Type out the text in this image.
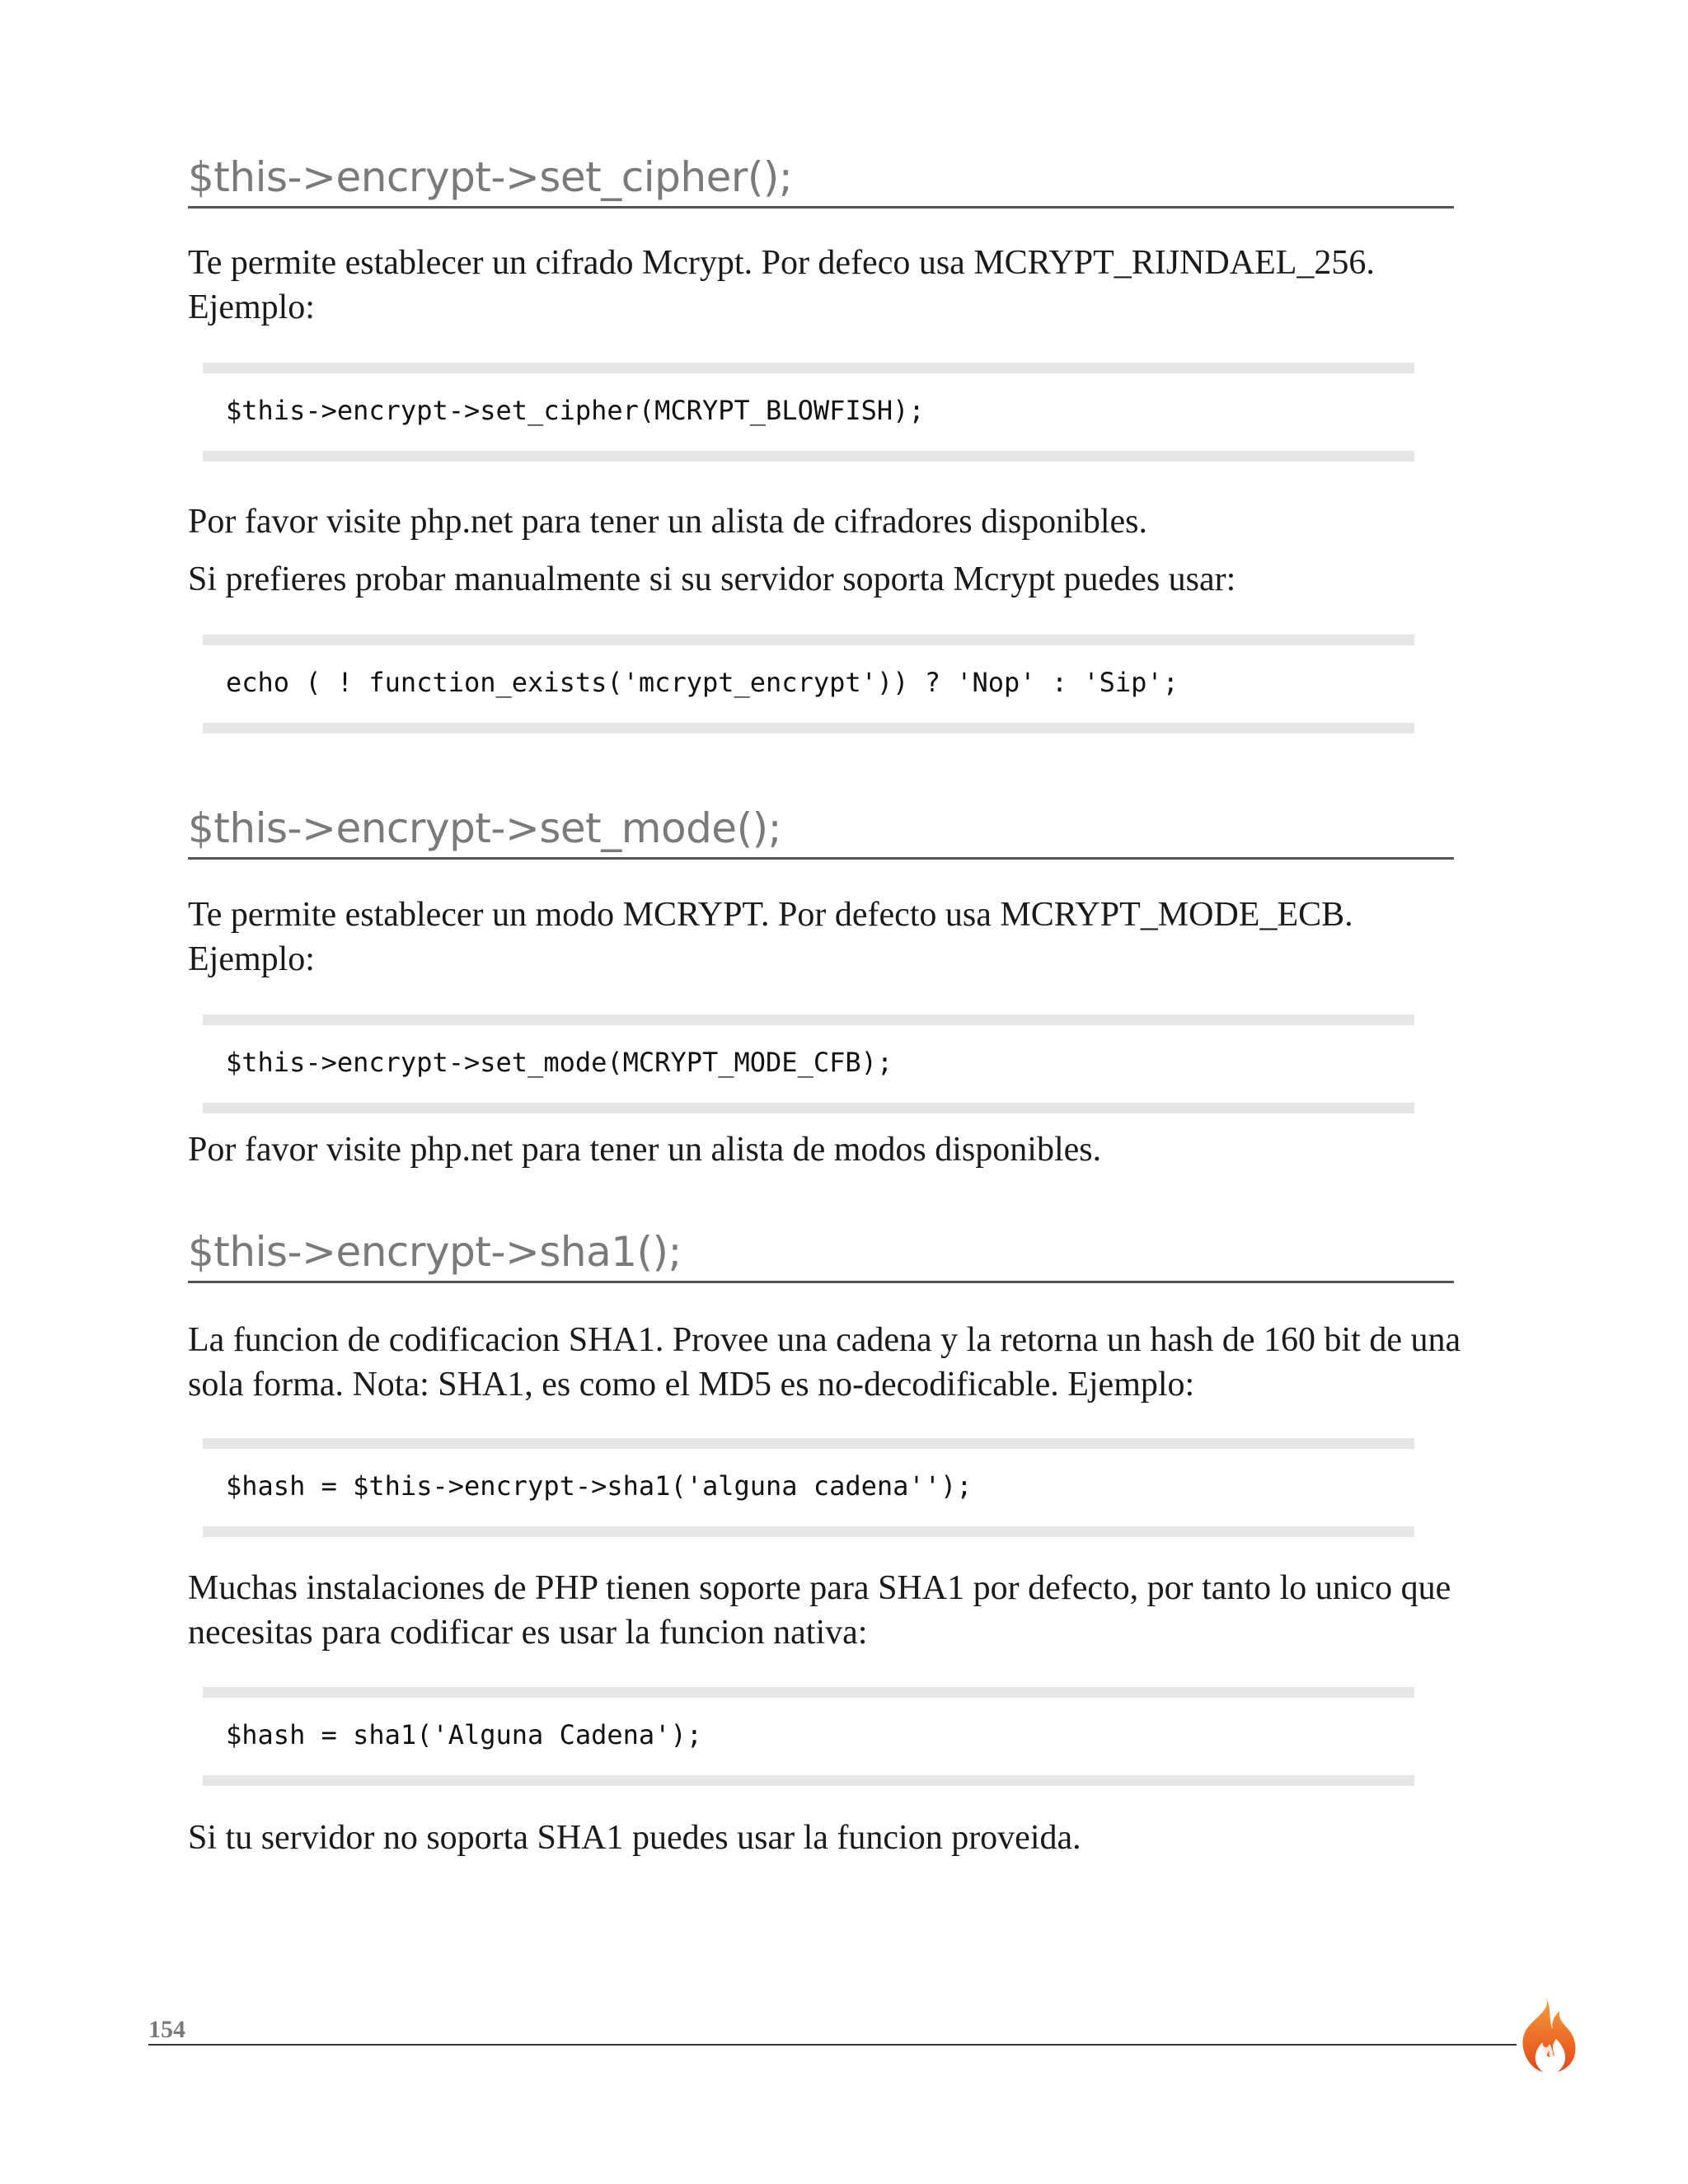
$this->encrypt->set_cipher();

Te permite establecer un cifrado Mcrypt. Por defeco usa MCRYPT_RIJNDAEL_256. Ejemplo:

$this->encrypt->set_cipher(MCRYPT_BLOWFISH);

Por favor visite php.net para tener un alista de cifradores disponibles.

Si prefieres probar manualmente si su servidor soporta Mcrypt puedes usar:

echo ( ! function_exists('mcrypt_encrypt')) ? 'Nop' : 'Sip';
$this->encrypt->set_mode();

Te permite establecer un modo MCRYPT. Por defecto usa MCRYPT_MODE_ECB. Ejemplo:

$this->encrypt->set_mode(MCRYPT_MODE_CFB);

Por favor visite php.net para tener un alista de modos disponibles.

$this->encrypt->sha1();

La funcion de codificacion SHA1. Provee una cadena y la retorna un hash de 160 bit de una sola forma. Nota: SHA1, es como el MD5 es no-decodificable. Ejemplo:

$hash = $this->encrypt->sha1('alguna cadena'');

Muchas instalaciones de PHP tienen soporte para SHA1 por defecto, por tanto lo unico que necesitas para codificar es usar la funcion nativa:

$hash = sha1('Alguna Cadena');

Si tu servidor no soporta SHA1 puedes usar la funcion proveida.

154
